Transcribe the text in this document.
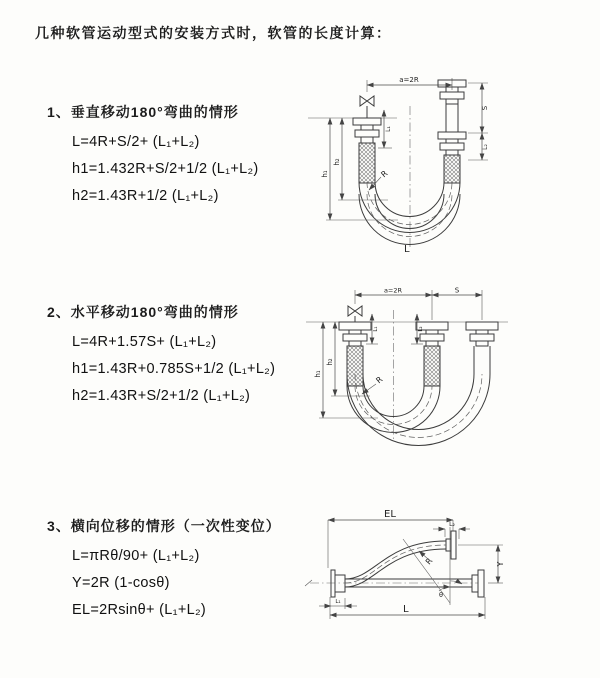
几种软管运动型式的安装方式时，软管的长度计算：
1、垂直移动180°弯曲的情形
L=4R+S/2+ (L₁+L₂)
h1=1.432R+S/2+1/2 (L₁+L₂)
h2=1.43R+1/2 (L₁+L₂)
2、水平移动180°弯曲的情形
L=4R+1.57S+ (L₁+L₂)
h1=1.43R+0.785S+1/2 (L₁+L₂)
h2=1.43R+S/2+1/2 (L₁+L₂)
3、横向位移的情形（一次性变位）
L=πRθ/90+ (L₁+L₂)
Y=2R (1-cosθ)
EL=2Rsinθ+ (L₁+L₂)
a=2R
h₁
h₂
L₁
S
L₂
R
L
a=2R	S
h₁
h₂
L₁	L₂
R
EL
L₂
θ
R	Y
L
L₁
